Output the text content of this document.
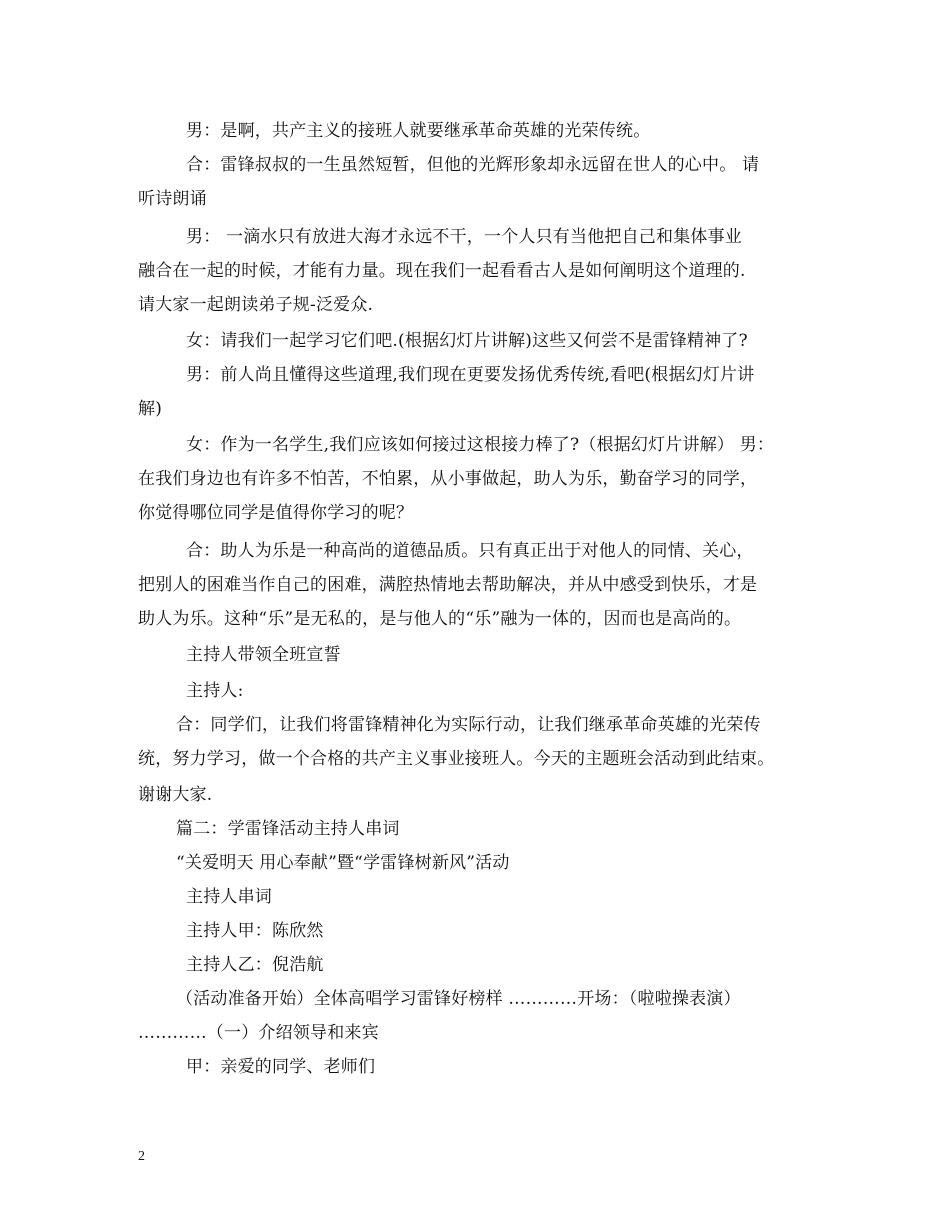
男：是啊，共产主义的接班人就要继承革命英雄的光荣传统。
合：雷锋叔叔的一生虽然短暂，但他的光辉形象却永远留在世人的心中。 请
听诗朗诵
男： 一滴水只有放进大海才永远不干，一个人只有当他把自己和集体事业
融合在一起的时候，才能有力量。现在我们一起看看古人是如何阐明这个道理的.
请大家一起朗读弟子规-泛爱众.
女：请我们一起学习它们吧.(根据幻灯片讲解)这些又何尝不是雷锋精神了?
男：前人尚且懂得这些道理,我们现在更要发扬优秀传统,看吧(根据幻灯片讲
解)
女：作为一名学生,我们应该如何接过这根接力棒了?（根据幻灯片讲解） 男：
在我们身边也有许多不怕苦，不怕累，从小事做起，助人为乐，勤奋学习的同学，
你觉得哪位同学是值得你学习的呢？
合：助人为乐是一种高尚的道德品质。只有真正出于对他人的同情、关心，
把别人的困难当作自己的困难，满腔热情地去帮助解决，并从中感受到快乐，才是
助人为乐。这种“乐”是无私的，是与他人的“乐”融为一体的，因而也是高尚的。
主持人带领全班宣誓
主持人:
合：同学们，让我们将雷锋精神化为实际行动，让我们继承革命英雄的光荣传
统，努力学习，做一个合格的共产主义事业接班人。今天的主题班会活动到此结束。
谢谢大家.
篇二：学雷锋活动主持人串词
“关爱明天 用心奉献”暨“学雷锋树新风”活动
主持人串词
主持人甲：陈欣然
主持人乙：倪浩航
（活动准备开始）全体高唱学习雷锋好榜样 …………开场：（啦啦操表演）
…………（一）介绍领导和来宾
甲：亲爱的同学、老师们
2
